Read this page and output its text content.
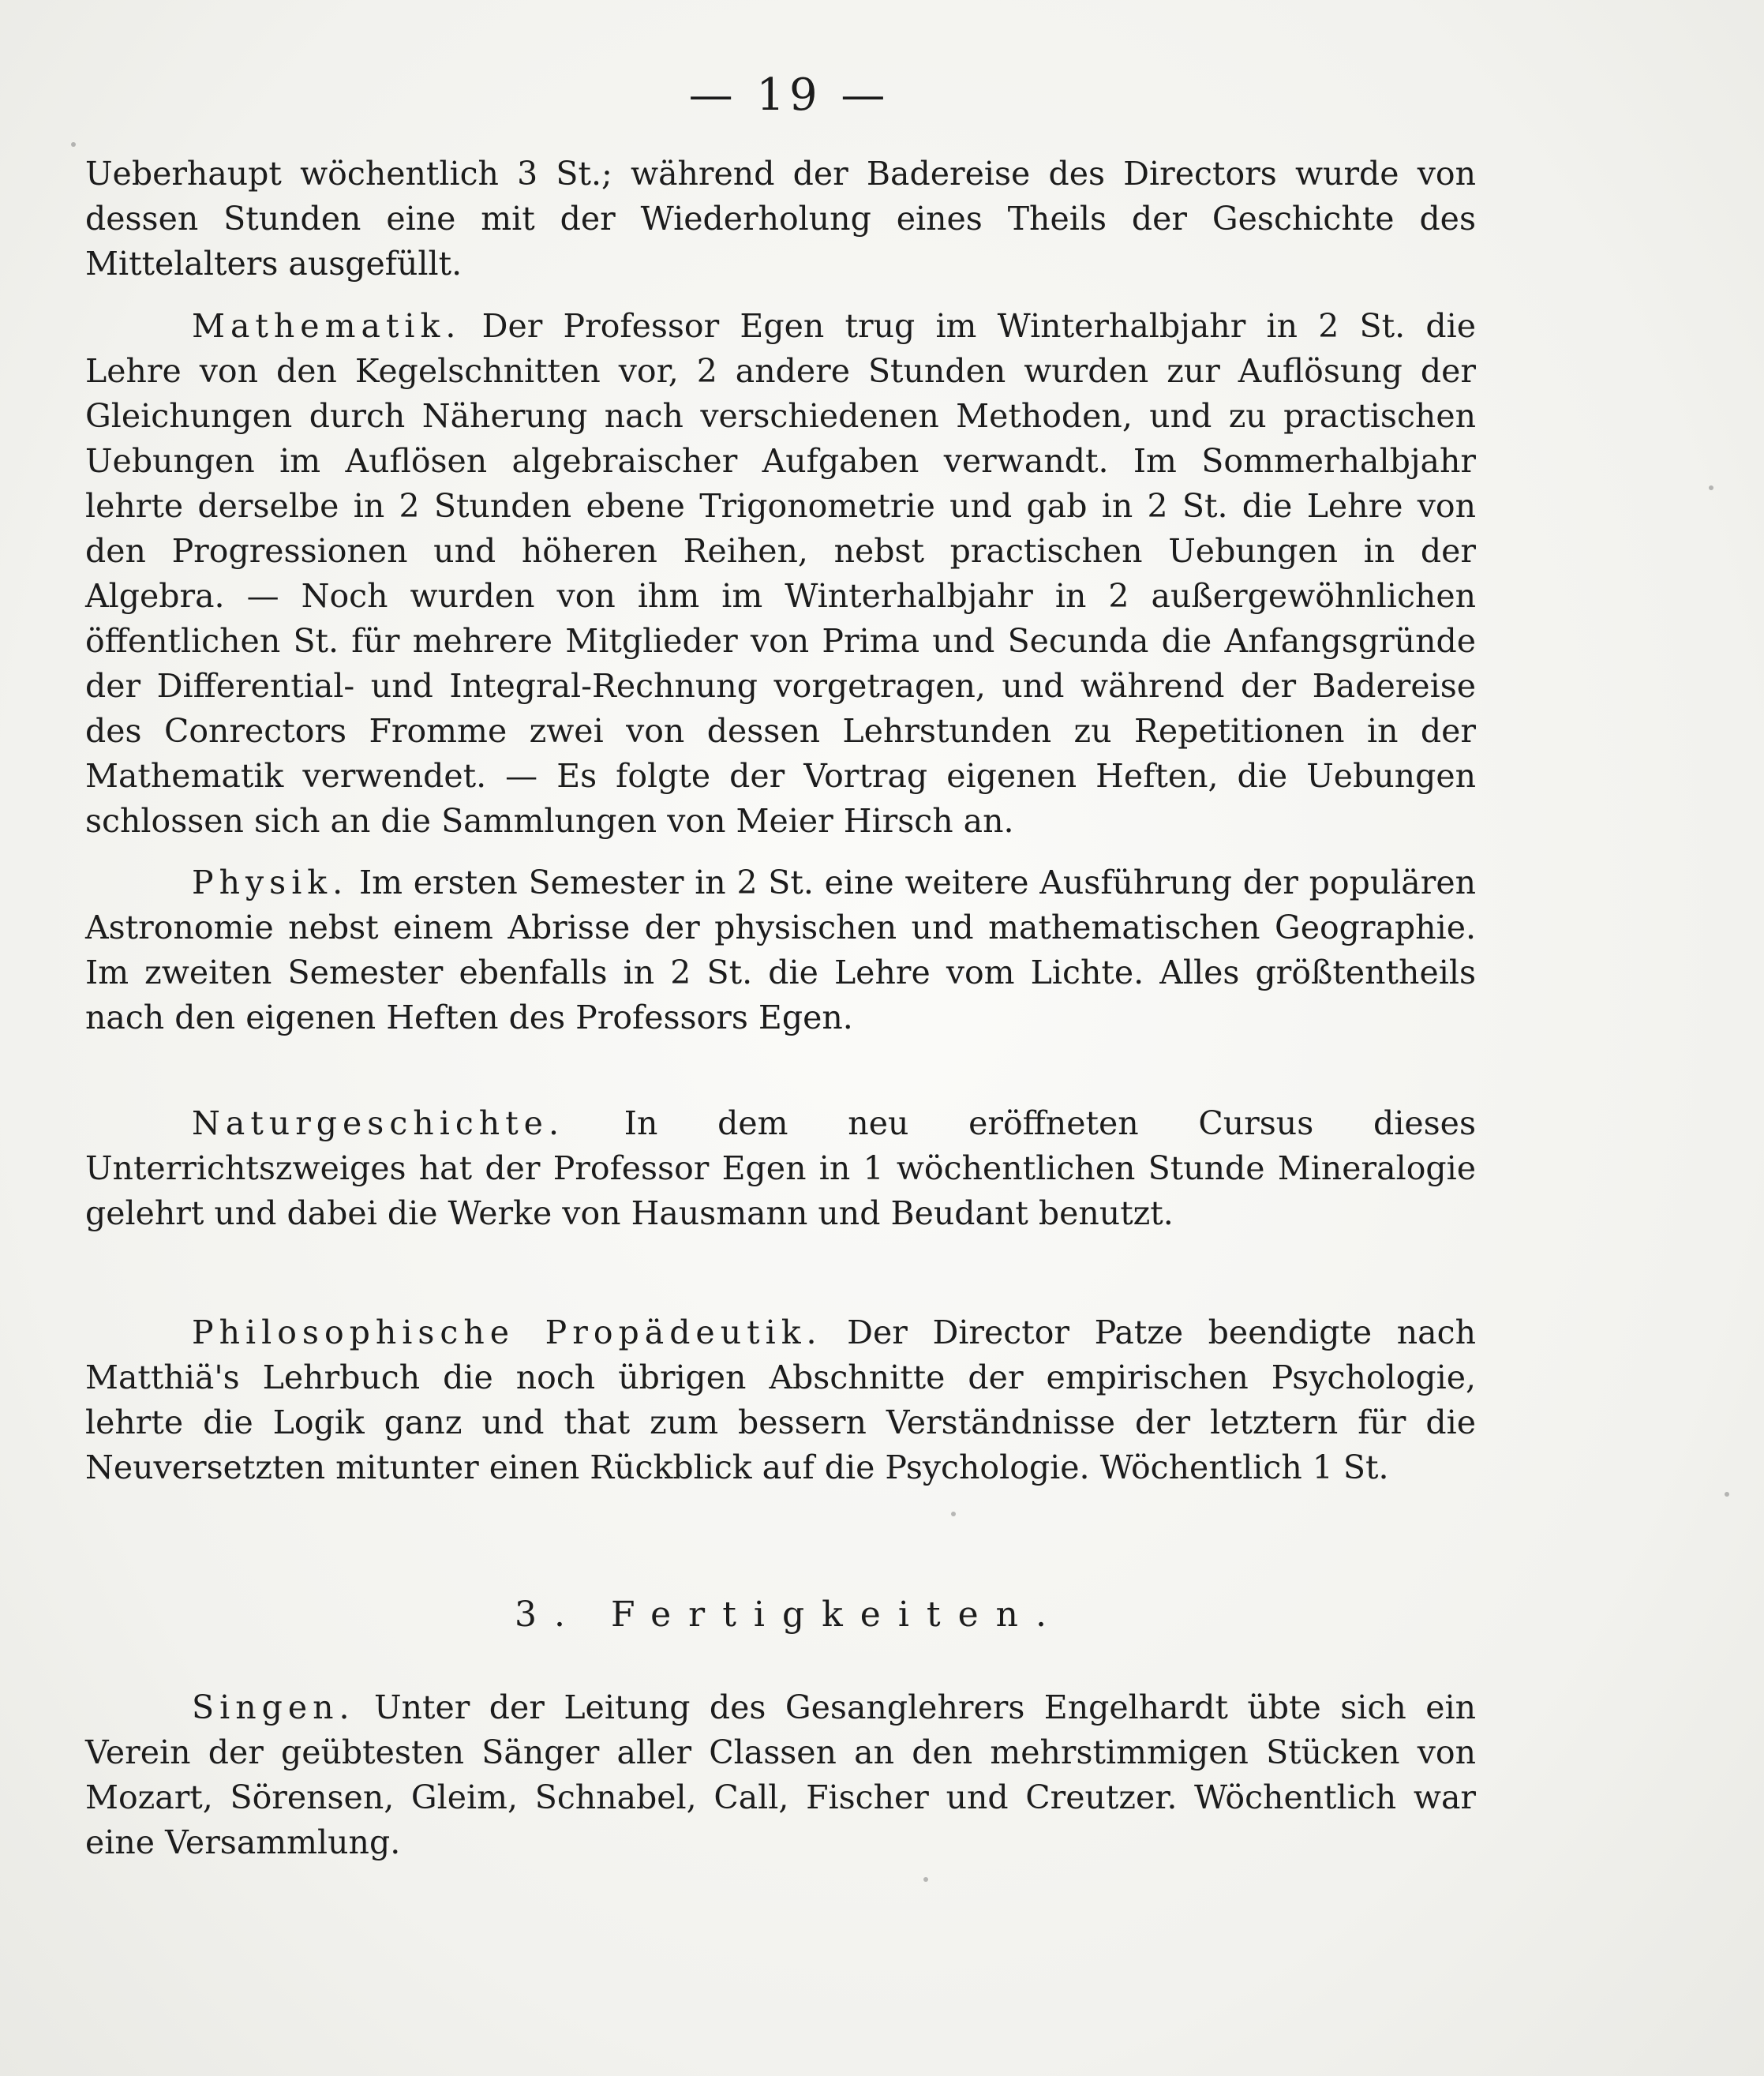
— 19 —
Ueberhaupt wöchentlich 3 St.; während der Badereise des Directors wurde von dessen Stunden eine mit der Wiederholung eines Theils der Geschichte des Mittelalters ausgefüllt.
Mathematik. Der Professor Egen trug im Winterhalbjahr in 2 St. die Lehre von den Kegelschnitten vor, 2 andere Stunden wurden zur Auflösung der Gleichungen durch Näherung nach verschiedenen Methoden, und zu practischen Uebungen im Auflösen algebraischer Aufgaben verwandt. Im Sommerhalbjahr lehrte derselbe in 2 Stunden ebene Trigonometrie und gab in 2 St. die Lehre von den Progressionen und höheren Reihen, nebst practischen Uebungen in der Algebra. — Noch wurden von ihm im Winterhalbjahr in 2 außergewöhnlichen öffentlichen St. für mehrere Mitglieder von Prima und Secunda die Anfangsgründe der Differential- und Integral-Rechnung vorgetragen, und während der Badereise des Conrectors Fromme zwei von dessen Lehrstunden zu Repetitionen in der Mathematik verwendet. — Es folgte der Vortrag eigenen Heften, die Uebungen schlossen sich an die Sammlungen von Meier Hirsch an.
Physik. Im ersten Semester in 2 St. eine weitere Ausführung der populären Astronomie nebst einem Abrisse der physischen und mathematischen Geographie. Im zweiten Semester ebenfalls in 2 St. die Lehre vom Lichte. Alles größtentheils nach den eigenen Heften des Professors Egen.
Naturgeschichte. In dem neu eröffneten Cursus dieses Unterrichtszweiges hat der Professor Egen in 1 wöchentlichen Stunde Mineralogie gelehrt und dabei die Werke von Hausmann und Beudant benutzt.
Philosophische Propädeutik. Der Director Patze beendigte nach Matthiä's Lehrbuch die noch übrigen Abschnitte der empirischen Psychologie, lehrte die Logik ganz und that zum bessern Verständnisse der letztern für die Neuversetzten mitunter einen Rückblick auf die Psychologie. Wöchentlich 1 St.
3. Fertigkeiten.
Singen. Unter der Leitung des Gesanglehrers Engelhardt übte sich ein Verein der geübtesten Sänger aller Classen an den mehrstimmigen Stücken von Mozart, Sörensen, Gleim, Schnabel, Call, Fischer und Creutzer. Wöchentlich war eine Versammlung.
